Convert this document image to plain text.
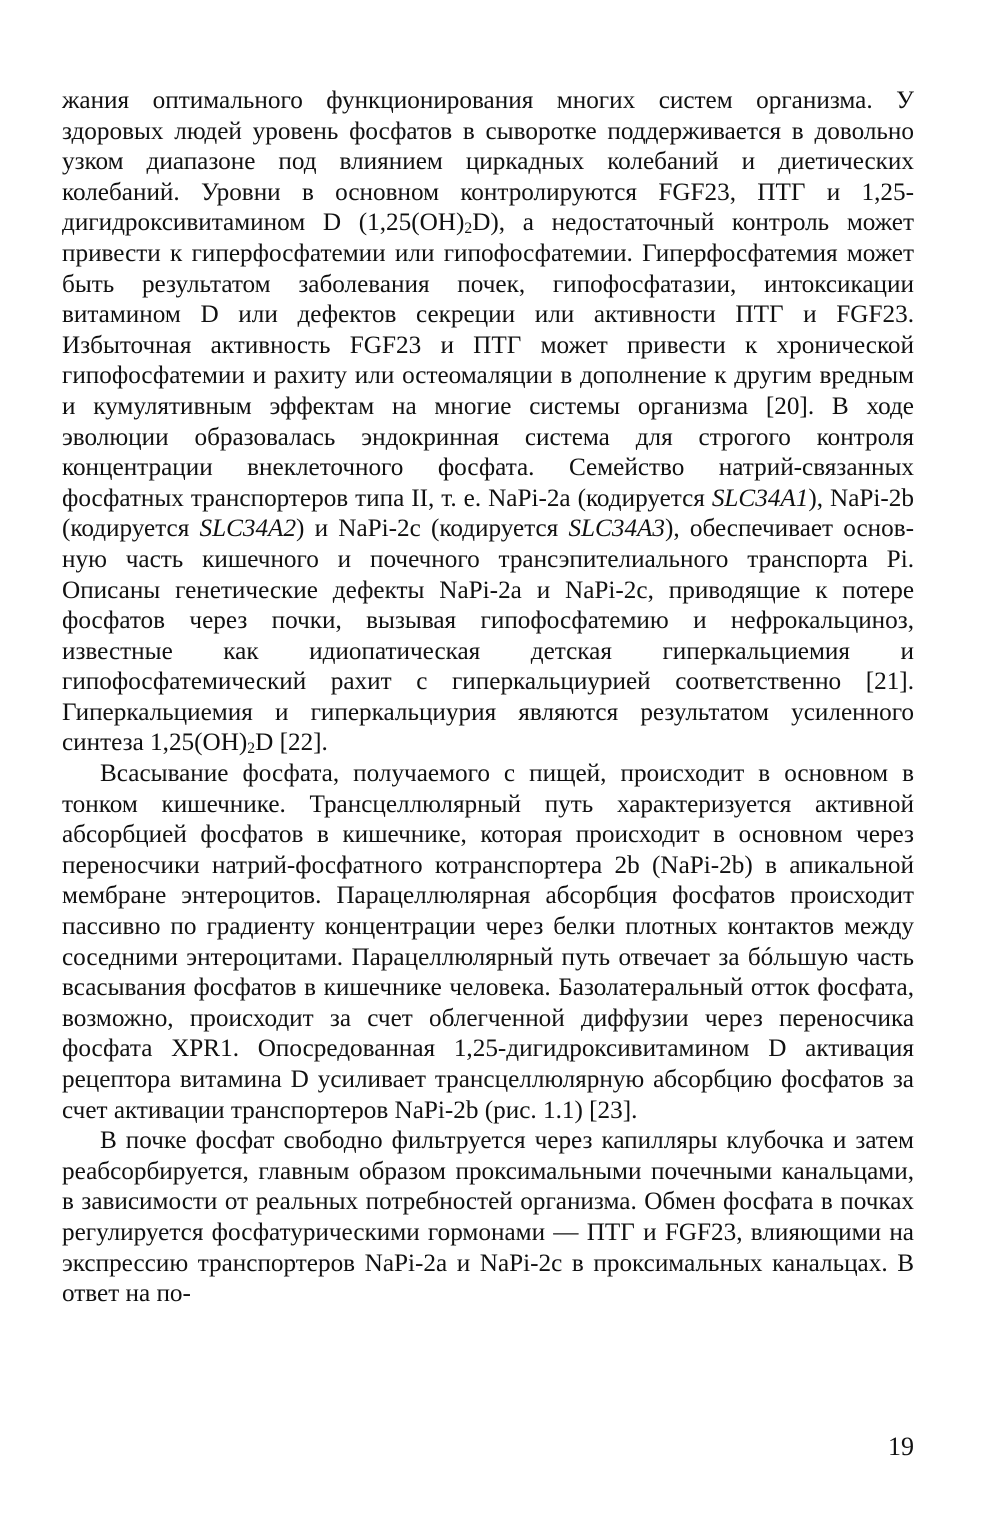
жания оптимального функционирования многих систем организма. У здоровых людей уровень фосфатов в сыворотке поддерживается в довольно узком диапазоне под влиянием циркадных колебаний и диетических колебаний. Уровни в основном контролируются FGF23, ПТГ и 1,25-дигидроксивитамином D $(1,25(OH)_2D)$, а недостаточный контроль может привести к гиперфосфатемии или гипофосфатемии. Гиперфосфатемия может быть результатом заболевания почек, гипофосфатазии, интоксикации витамином D или дефектов секреции или активности ПТГ и FGF23. Избыточная активность FGF23 и ПТГ может привести к хронической гипофосфатемии и рахиту или остеомаляции в дополнение к другим вредным и кумулятивным эффектам на многие системы организма [20]. В ходе эволюции образовалась эндокринная система для строгого контроля концентрации внеклеточного фосфата. Семейство натрий-связанных фосфатных транспортеров типа II, т. е. NaPi-2a (кодируется SLC34A1), NaPi-2b (кодируется SLC34A2) и NaPi-2c (кодируется SLC34A3), обеспечивает основную часть кишечного и почечного трансэпителиального транспорта Pi. Описаны генетические дефекты NaPi-2a и NaPi-2c, приводящие к потере фосфатов через почки, вызывая гипофосфатемию и нефрокальциноз, известные как идиопатическая детская гиперкальциемия и гипофосфатемический рахит с гиперкальциурией соответственно [21]. Гиперкальциемия и гиперкальциурия являются результатом усиленного синтеза $1,25(OH)_2D$ [22].

Всасывание фосфата, получаемого с пищей, происходит в основном в тонком кишечнике. Трансцеллюлярный путь характеризуется активной абсорбцией фосфатов в кишечнике, которая происходит в основном через переносчики натрий-фосфатного котранспортера 2b (NaPi-2b) в апикальной мембране энтероцитов. Парацеллюлярная абсорбция фосфатов происходит пассивно по градиенту концентрации через белки плотных контактов между соседними энтероцитами. Парацеллюлярный путь отвечает за бóльшую часть всасывания фосфатов в кишечнике человека. Базолатеральный отток фосфата, возможно, происходит за счет облегченной диффузии через переносчика фосфата XPR1. Опосредованная 1,25-дигидроксивитамином D активация рецептора витамина D усиливает трансцеллюлярную абсорбцию фосфатов за счет активации транспортеров NaPi-2b (рис. 1.1) [23].

В почке фосфат свободно фильтруется через капилляры клубочка и затем реабсорбируется, главным образом проксимальными почечными канальцами, в зависимости от реальных потребностей организма. Обмен фосфата в почках регулируется фосфатурическими гормонами — ПТГ и FGF23, влияющими на экспрессию транспортеров NaPi-2a и NaPi-2c в проксимальных канальцах. В ответ на по-

19
